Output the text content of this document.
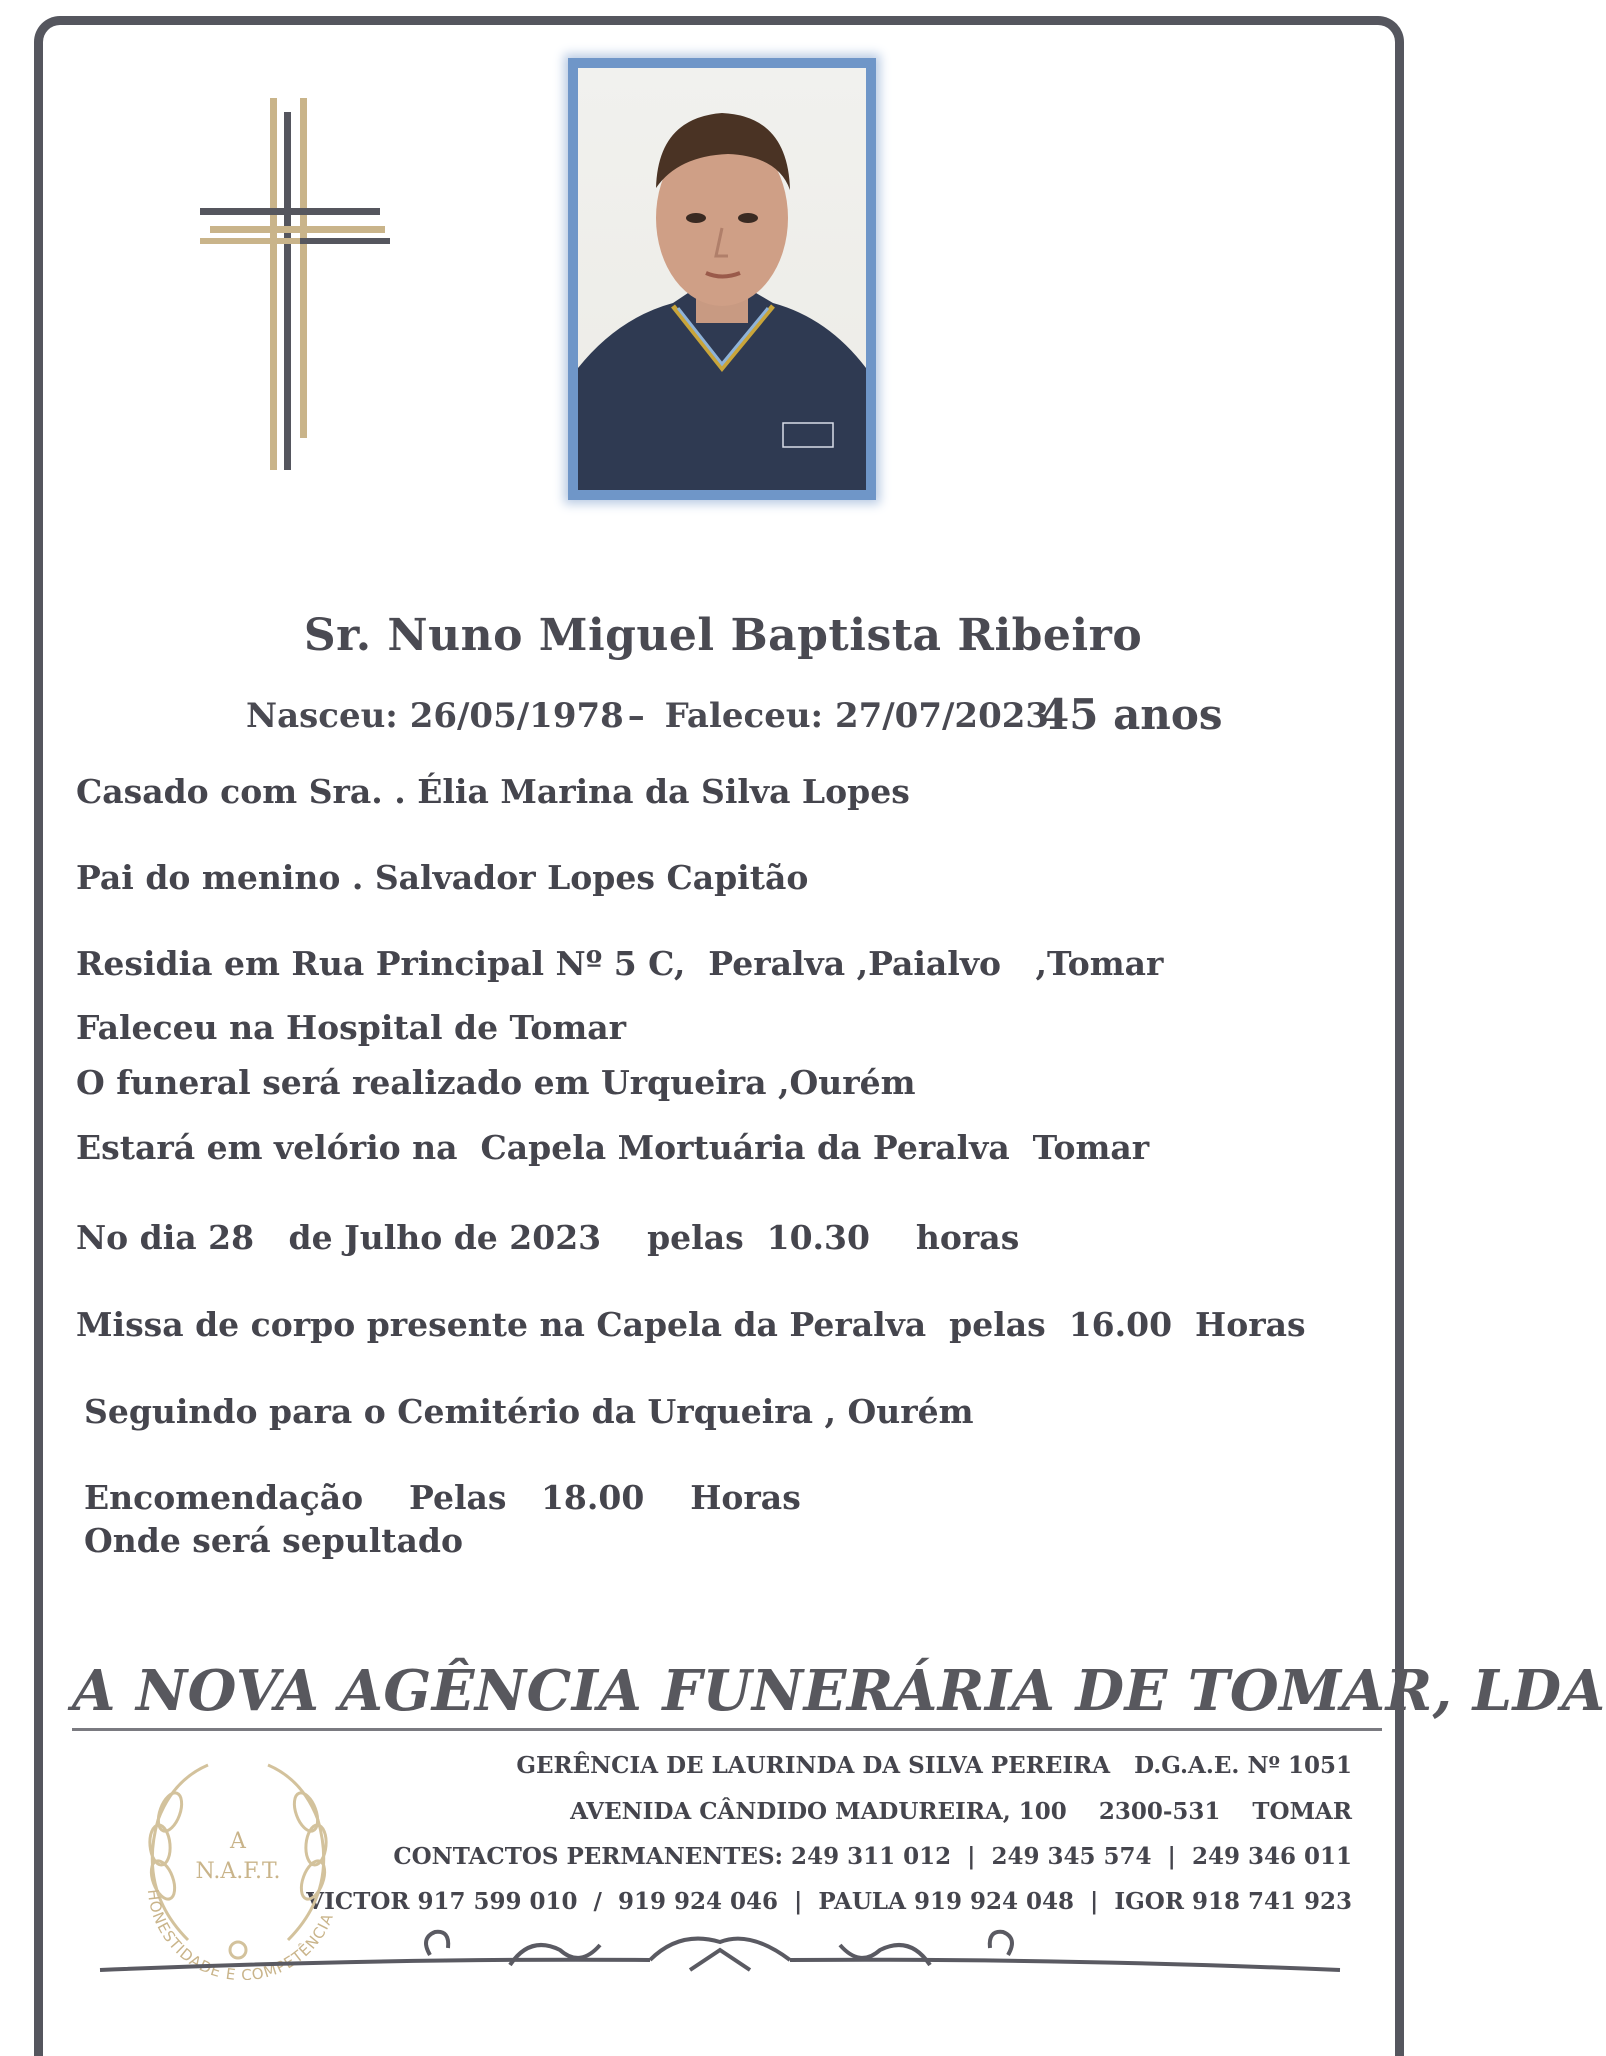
Sr. Nuno Miguel Baptista Ribeiro
Nasceu: 26/05/1978 – Faleceu: 27/07/2023
45 anos
Casado com Sra. . Élia Marina da Silva Lopes
Pai do menino . Salvador Lopes Capitão
Residia em Rua Principal Nº 5 C,  Peralva ,Paialvo   ,Tomar
Faleceu na Hospital de Tomar
O funeral será realizado em Urqueira ,Ourém
Estará em velório na  Capela Mortuária da Peralva  Tomar
No dia 28   de Julho de 2023    pelas  10.30    horas
Missa de corpo presente na Capela da Peralva  pelas  16.00  Horas
Seguindo para o Cemitério da Urqueira , Ourém
Encomendação    Pelas   18.00    Horas
Onde será sepultado
A NOVA AGÊNCIA FUNERÁRIA DE TOMAR, LDA
GERÊNCIA DE LAURINDA DA SILVA PEREIRA   D.G.A.E. Nº 1051
AVENIDA CÂNDIDO MADUREIRA, 100    2300-531    TOMAR
CONTACTOS PERMANENTES: 249 311 012  |  249 345 574  |  249 346 011
VICTOR 917 599 010  /  919 924 046  |  PAULA 919 924 048  |  IGOR 918 741 923
A
N.A.F.T.
HONESTIDADE E COMPETÊNCIA
